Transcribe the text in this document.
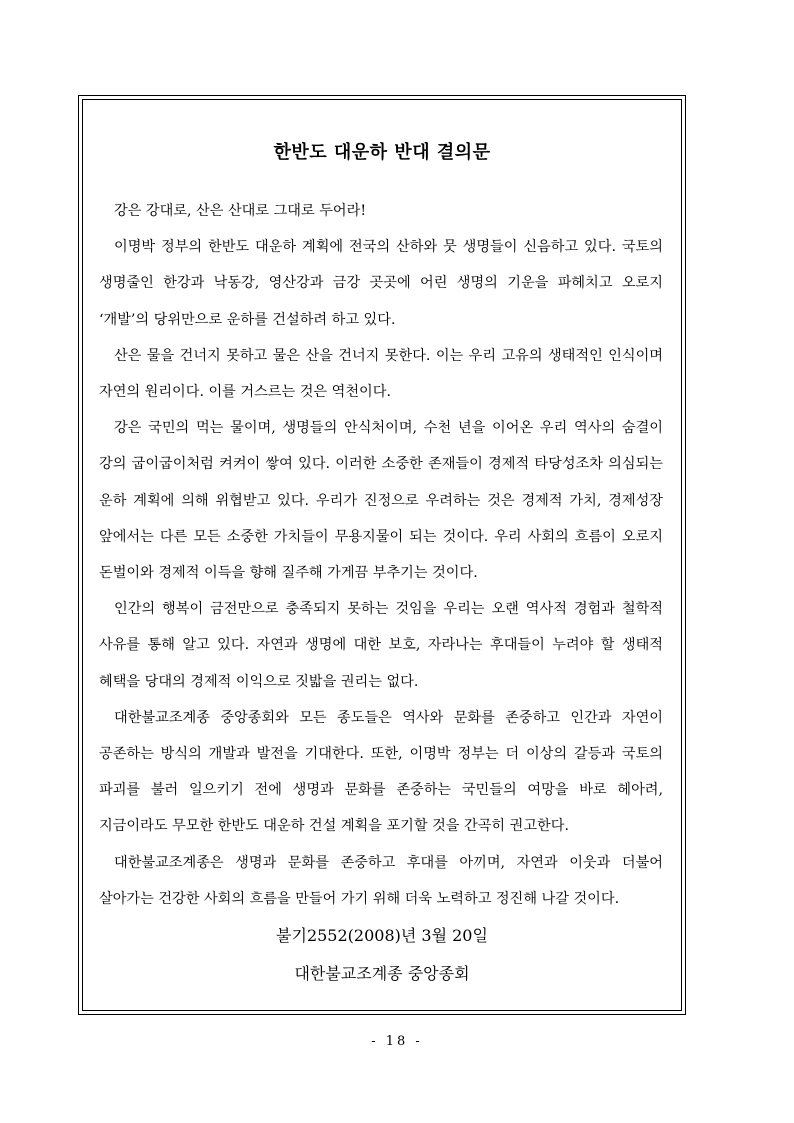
한반도 대운하 반대 결의문

강은 강대로, 산은 산대로 그대로 두어라!

이명박 정부의 한반도 대운하 계획에 전국의 산하와 뭇 생명들이 신음하고 있다. 국토의 생명줄인 한강과 낙동강, 영산강과 금강 곳곳에 어린 생명의 기운을 파헤치고 오로지 ‘개발’의 당위만으로 운하를 건설하려 하고 있다.

산은 물을 건너지 못하고 물은 산을 건너지 못한다. 이는 우리 고유의 생태적인 인식이며 자연의 원리이다. 이를 거스르는 것은 역천이다.

강은 국민의 먹는 물이며, 생명들의 안식처이며, 수천 년을 이어온 우리 역사의 숨결이 강의 굽이굽이처럼 켜켜이 쌓여 있다. 이러한 소중한 존재들이 경제적 타당성조차 의심되는 운하 계획에 의해 위협받고 있다. 우리가 진정으로 우려하는 것은 경제적 가치, 경제성장 앞에서는 다른 모든 소중한 가치들이 무용지물이 되는 것이다. 우리 사회의 흐름이 오로지 돈벌이와 경제적 이득을 향해 질주해 가게끔 부추기는 것이다.

인간의 행복이 금전만으로 충족되지 못하는 것임을 우리는 오랜 역사적 경험과 철학적 사유를 통해 알고 있다. 자연과 생명에 대한 보호, 자라나는 후대들이 누려야 할 생태적 혜택을 당대의 경제적 이익으로 짓밟을 권리는 없다.

대한불교조계종 중앙종회와 모든 종도들은 역사와 문화를 존중하고 인간과 자연이 공존하는 방식의 개발과 발전을 기대한다. 또한, 이명박 정부는 더 이상의 갈등과 국토의 파괴를 불러 일으키기 전에 생명과 문화를 존중하는 국민들의 여망을 바로 헤아려, 지금이라도 무모한 한반도 대운하 건설 계획을 포기할 것을 간곡히 권고한다.

대한불교조계종은 생명과 문화를 존중하고 후대를 아끼며, 자연과 이웃과 더불어 살아가는 건강한 사회의 흐름을 만들어 가기 위해 더욱 노력하고 정진해 나갈 것이다.

불기2552(2008)년 3월 20일
대한불교조계종 중앙종회
- 18 -
